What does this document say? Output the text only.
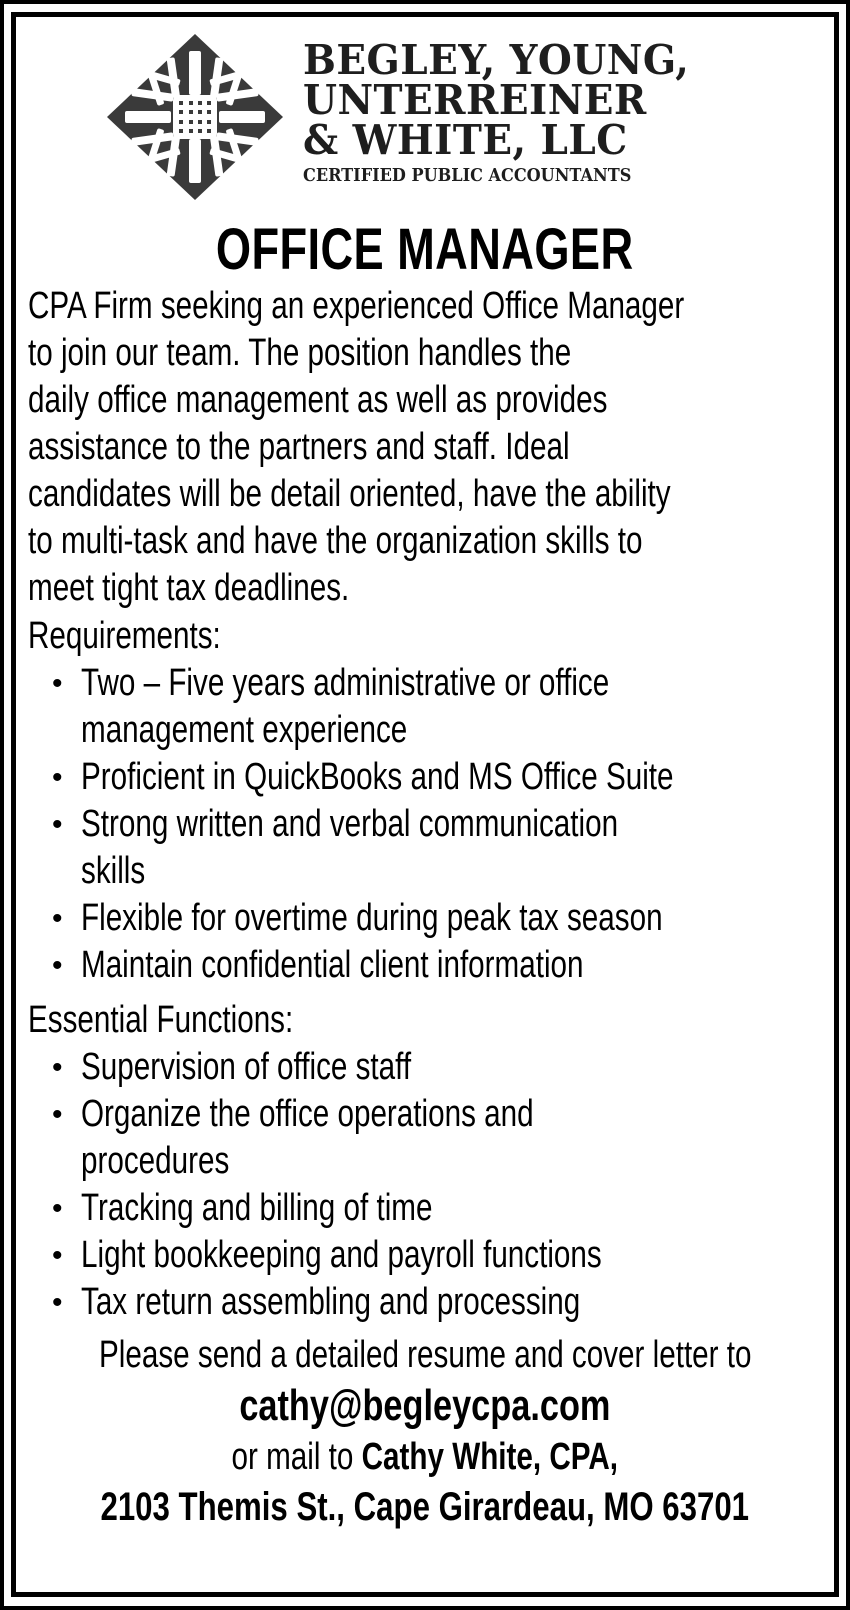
BEGLEY, YOUNG,
UNTERREINER
& WHITE, LLC
CERTIFIED PUBLIC ACCOUNTANTS
OFFICE MANAGER
CPA Firm seeking an experienced Office Manager
to join our team. The position handles the
daily office management as well as provides
assistance to the partners and staff. Ideal
candidates will be detail oriented, have the ability
to multi-task and have the organization skills to
meet tight tax deadlines.
Requirements:
• Two – Five years administrative or office
management experience
• Proficient in QuickBooks and MS Office Suite
• Strong written and verbal communication
skills
• Flexible for overtime during peak tax season
• Maintain confidential client information
Essential Functions:
• Supervision of office staff
• Organize the office operations and
procedures
• Tracking and billing of time
• Light bookkeeping and payroll functions
• Tax return assembling and processing
Please send a detailed resume and cover letter to
cathy@begleycpa.com
or mail to Cathy White, CPA,
2103 Themis St., Cape Girardeau, MO 63701
